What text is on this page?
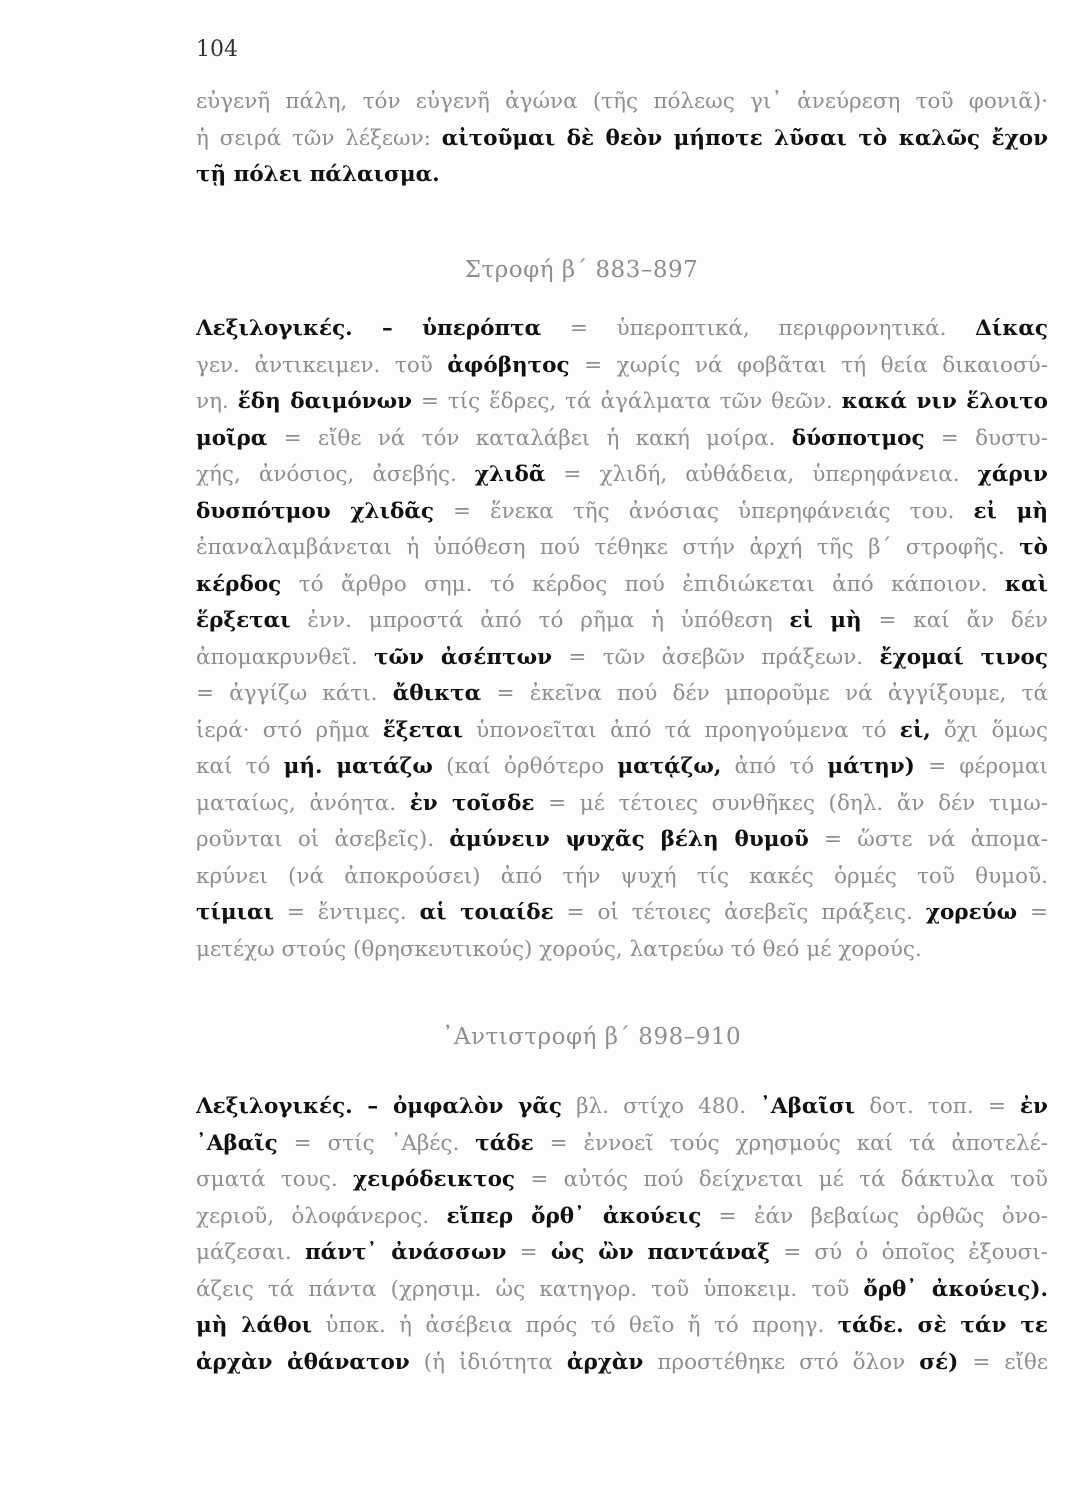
104
εὐγενῆ πάλη, τόν εὐγενῆ ἀγώνα (τῆς πόλεως γι᾿ ἀνεύρεση τοῦ φονιᾶ)·
ἡ σειρά τῶν λέξεων: αἰτοῦμαι δὲ θεὸν μήποτε λῦσαι τὸ καλῶς ἔχον
τῇ πόλει πάλαισμα.
Στροφή β´ 883–897
Λεξιλογικές. – ὑπερόπτα = ὑπεροπτικά, περιφρονητικά. Δίκας
γεν. ἀντικειμεν. τοῦ ἀφόβητος = χωρίς νά φοβᾶται τή θεία δικαιοσύ-
νη. ἕδη δαιμόνων = τίς ἕδρες, τά ἀγάλματα τῶν θεῶν. κακά νιν ἕλοιτο
μοῖρα = εἴθε νά τόν καταλάβει ἡ κακή μοίρα. δύσποτμος = δυστυ-
χής, ἀνόσιος, ἀσεβής. χλιδᾶ = χλιδή, αὐθάδεια, ὑπερηφάνεια. χάριν
δυσπότμου χλιδᾶς = ἕνεκα τῆς ἀνόσιας ὑπερηφάνειάς του. εἰ μὴ
ἐπαναλαμβάνεται ἡ ὑπόθεση πού τέθηκε στήν ἀρχή τῆς β´ στροφῆς. τὸ
κέρδος τό ἄρθρο σημ. τό κέρδος πού ἐπιδιώκεται ἀπό κάποιον. καὶ
ἕρξεται ἐνν. μπροστά ἀπό τό ρῆμα ἡ ὑπόθεση εἰ μὴ = καί ἄν δέν
ἀπομακρυνθεῖ. τῶν ἀσέπτων = τῶν ἀσεβῶν πράξεων. ἔχομαί τινος
= ἀγγίζω κάτι. ἄθικτα = ἐκεῖνα πού δέν μποροῦμε νά ἀγγίξουμε, τά
ἱερά· στό ρῆμα ἕξεται ὑπονοεῖται ἀπό τά προηγούμενα τό εἰ, ὄχι ὅμως
καί τό μή. ματάζω (καί ὀρθότερο ματᾴζω, ἀπό τό μάτην) = φέρομαι
ματαίως, ἀνόητα. ἐν τοῖσδε = μέ τέτοιες συνθῆκες (δηλ. ἄν δέν τιμω-
ροῦνται οἱ ἀσεβεῖς). ἀμύνειν ψυχᾶς βέλη θυμοῦ = ὥστε νά ἀπομα-
κρύνει (νά ἀποκρούσει) ἀπό τήν ψυχή τίς κακές ὁρμές τοῦ θυμοῦ.
τίμιαι = ἔντιμες. αἱ τοιαίδε = οἱ τέτοιες ἀσεβεῖς πράξεις. χορεύω =
μετέχω στούς (θρησκευτικούς) χορούς, λατρεύω τό θεό μέ χορούς.
᾿Αντιστροφή β´ 898–910
Λεξιλογικές. – ὀμφαλὸν γᾶς βλ. στίχο 480. ᾿Αβαῖσι δοτ. τοπ. = ἐν
᾿Αβαῖς = στίς ᾿Αβές. τάδε = ἐννοεῖ τούς χρησμούς καί τά ἀποτελέ-
σματά τους. χειρόδεικτος = αὐτός πού δείχνεται μέ τά δάκτυλα τοῦ
χεριοῦ, ὁλοφάνερος. εἴπερ ὄρθ᾿ ἀκούεις = ἐάν βεβαίως ὀρθῶς ὀνο-
μάζεσαι. πάντ᾿ ἀνάσσων = ὡς ὢν παντάναξ = σύ ὁ ὁποῖος ἐξουσι-
άζεις τά πάντα (χρησιμ. ὡς κατηγορ. τοῦ ὑποκειμ. τοῦ ὄρθ᾿ ἀκούεις).
μὴ λάθοι ὑποκ. ἡ ἀσέβεια πρός τό θεῖο ἤ τό προηγ. τάδε. σὲ τάν τε
ἀρχὰν ἀθάνατον (ἡ ἰδιότητα ἀρχὰν προστέθηκε στό ὅλον σέ) = εἴθε
